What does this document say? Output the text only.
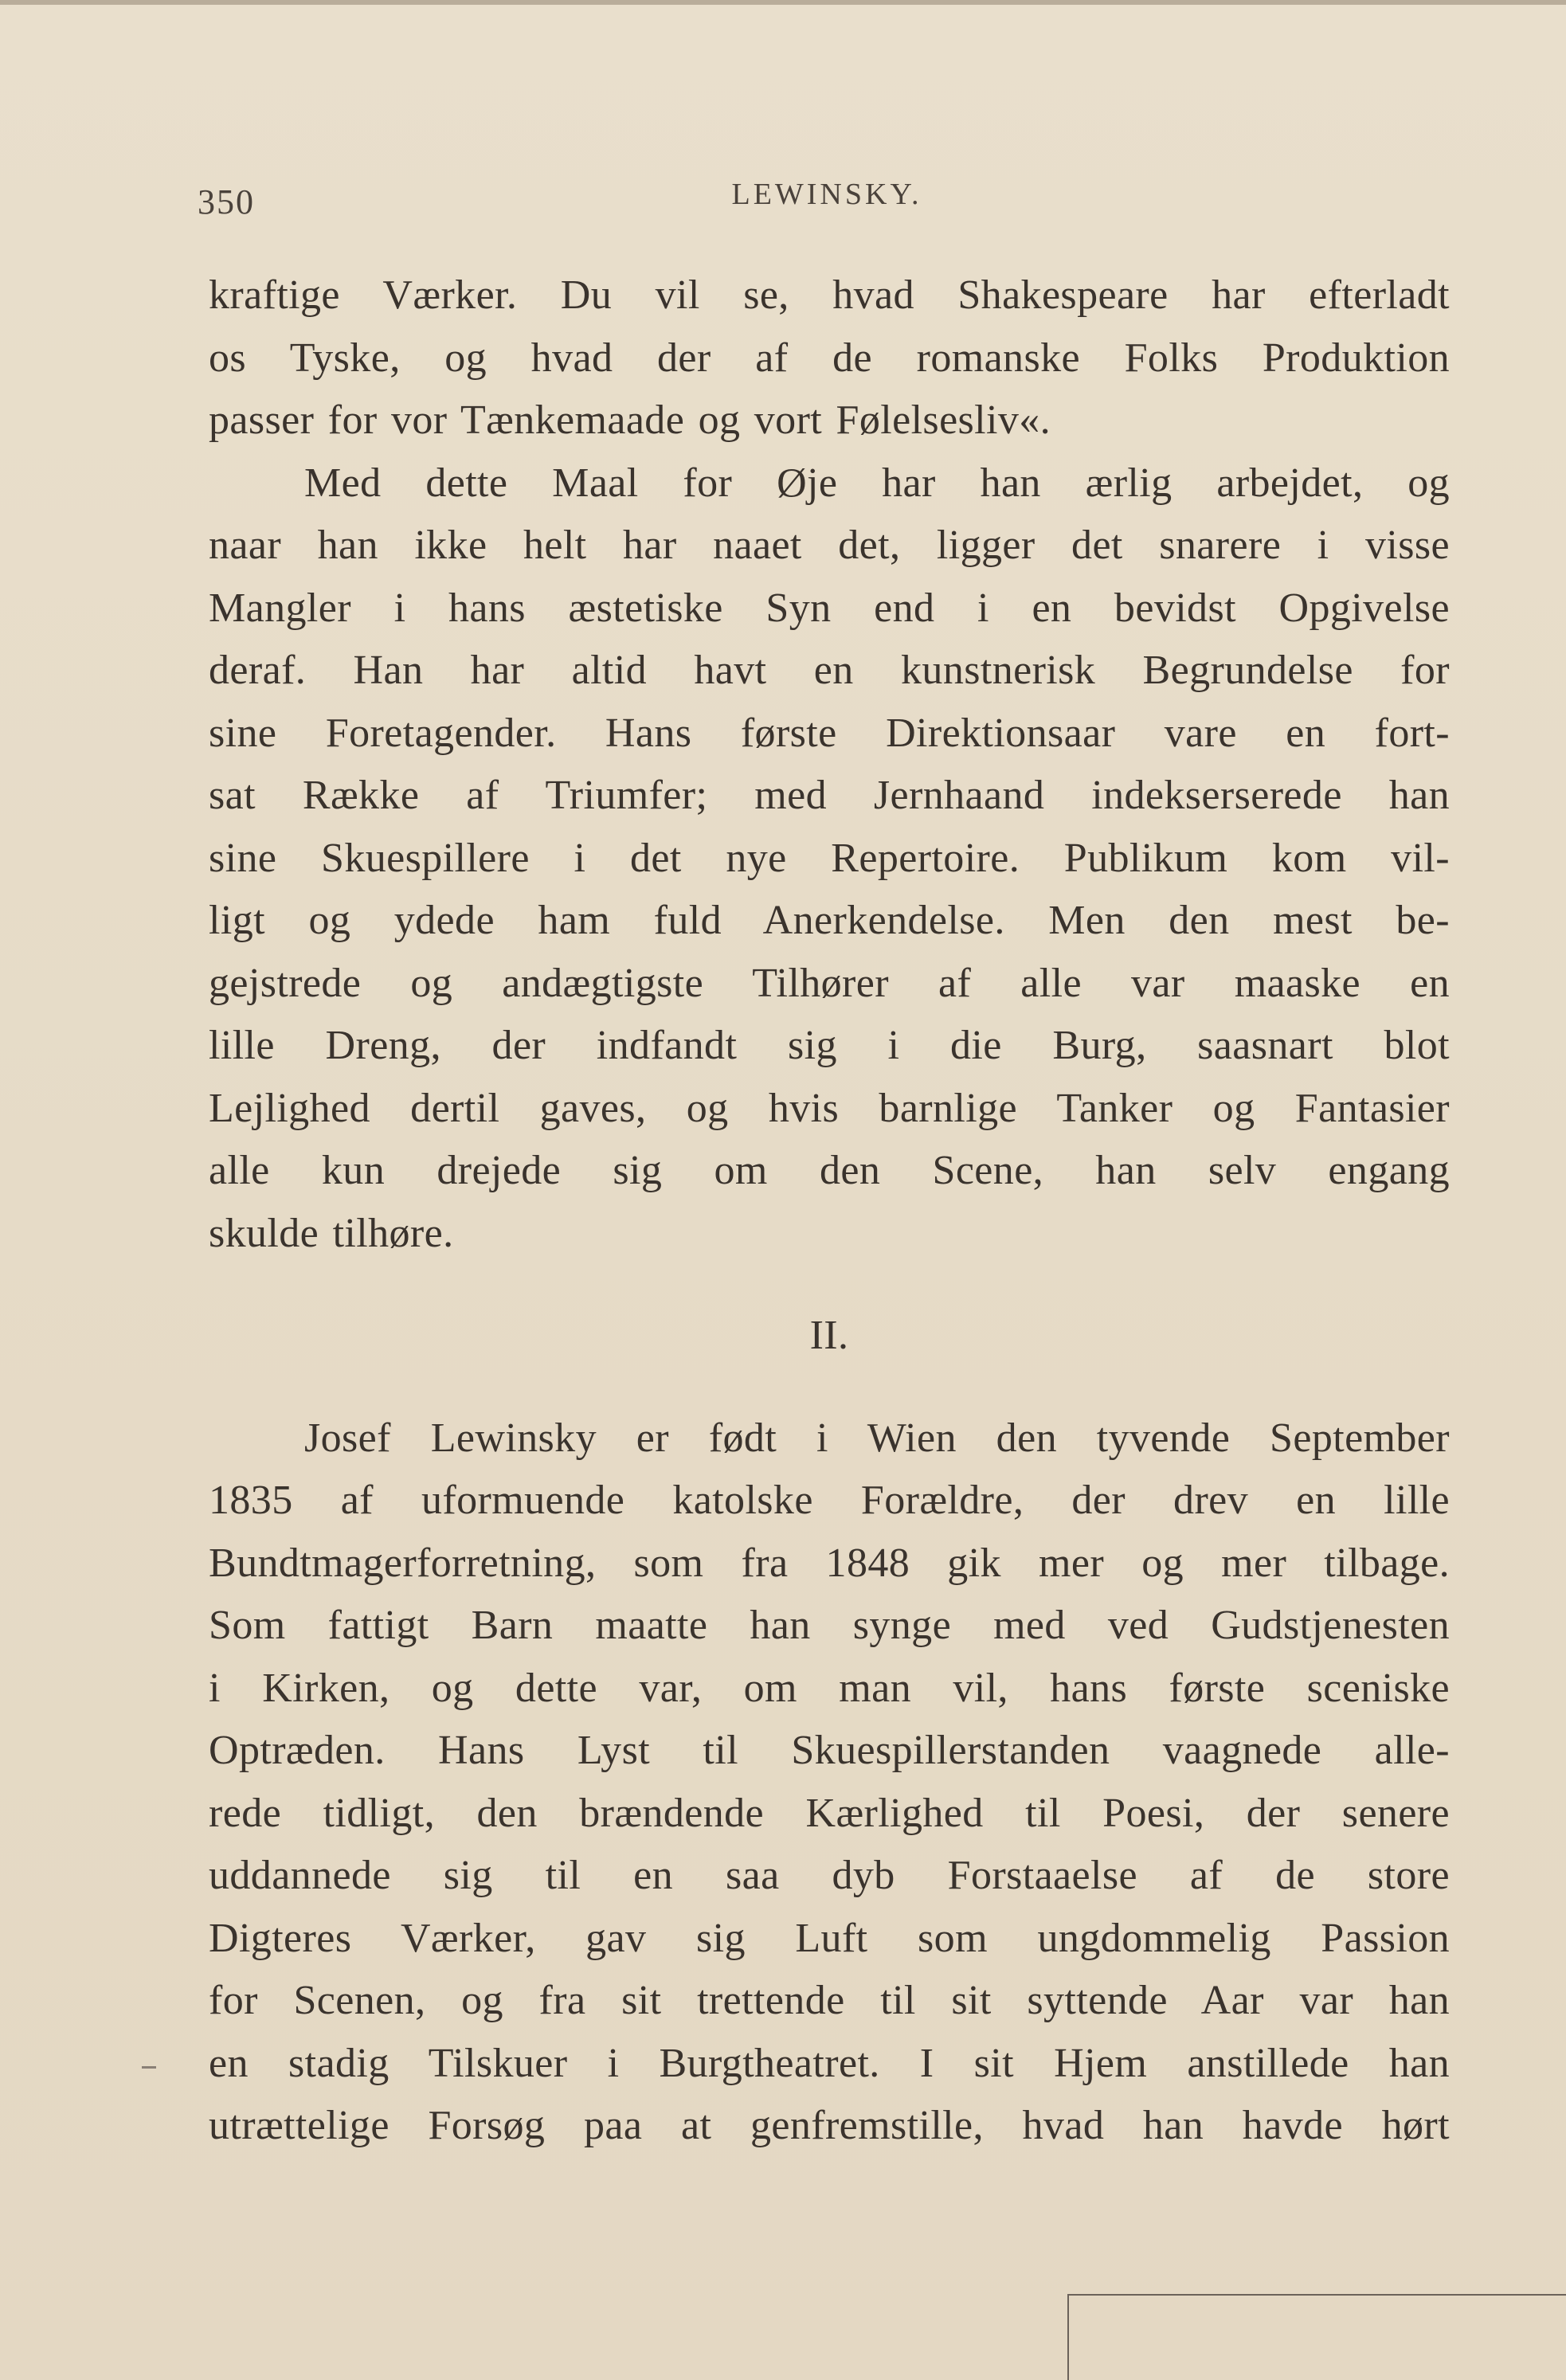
350	LEWINSKY.
kraftige Værker. Du vil se, hvad Shakespeare har efterladt
os Tyske, og hvad der af de romanske Folks Produktion
passer for vor Tænkemaade og vort Følelsesliv«.
Med dette Maal for Øje har han ærlig arbejdet, og
naar han ikke helt har naaet det, ligger det snarere i visse
Mangler i hans æstetiske Syn end i en bevidst Opgivelse
deraf. Han har altid havt en kunstnerisk Begrundelse for
sine Foretagender. Hans første Direktionsaar vare en fort-
sat Række af Triumfer; med Jernhaand indekserserede han
sine Skuespillere i det nye Repertoire. Publikum kom vil-
ligt og ydede ham fuld Anerkendelse. Men den mest be-
gejstrede og andægtigste Tilhører af alle var maaske en
lille Dreng, der indfandt sig i die Burg, saasnart blot
Lejlighed dertil gaves, og hvis barnlige Tanker og Fantasier
alle kun drejede sig om den Scene, han selv engang
skulde tilhøre.
II.
Josef Lewinsky er født i Wien den tyvende September
1835 af uformuende katolske Forældre, der drev en lille
Bundtmagerforretning, som fra 1848 gik mer og mer tilbage.
Som fattigt Barn maatte han synge med ved Gudstjenesten
i Kirken, og dette var, om man vil, hans første sceniske
Optræden. Hans Lyst til Skuespillerstanden vaagnede alle-
rede tidligt, den brændende Kærlighed til Poesi, der senere
uddannede sig til en saa dyb Forstaaelse af de store
Digteres Værker, gav sig Luft som ungdommelig Passion
for Scenen, og fra sit trettende til sit syttende Aar var han
en stadig Tilskuer i Burgtheatret. I sit Hjem anstillede han
utrættelige Forsøg paa at genfremstille, hvad han havde hørt
